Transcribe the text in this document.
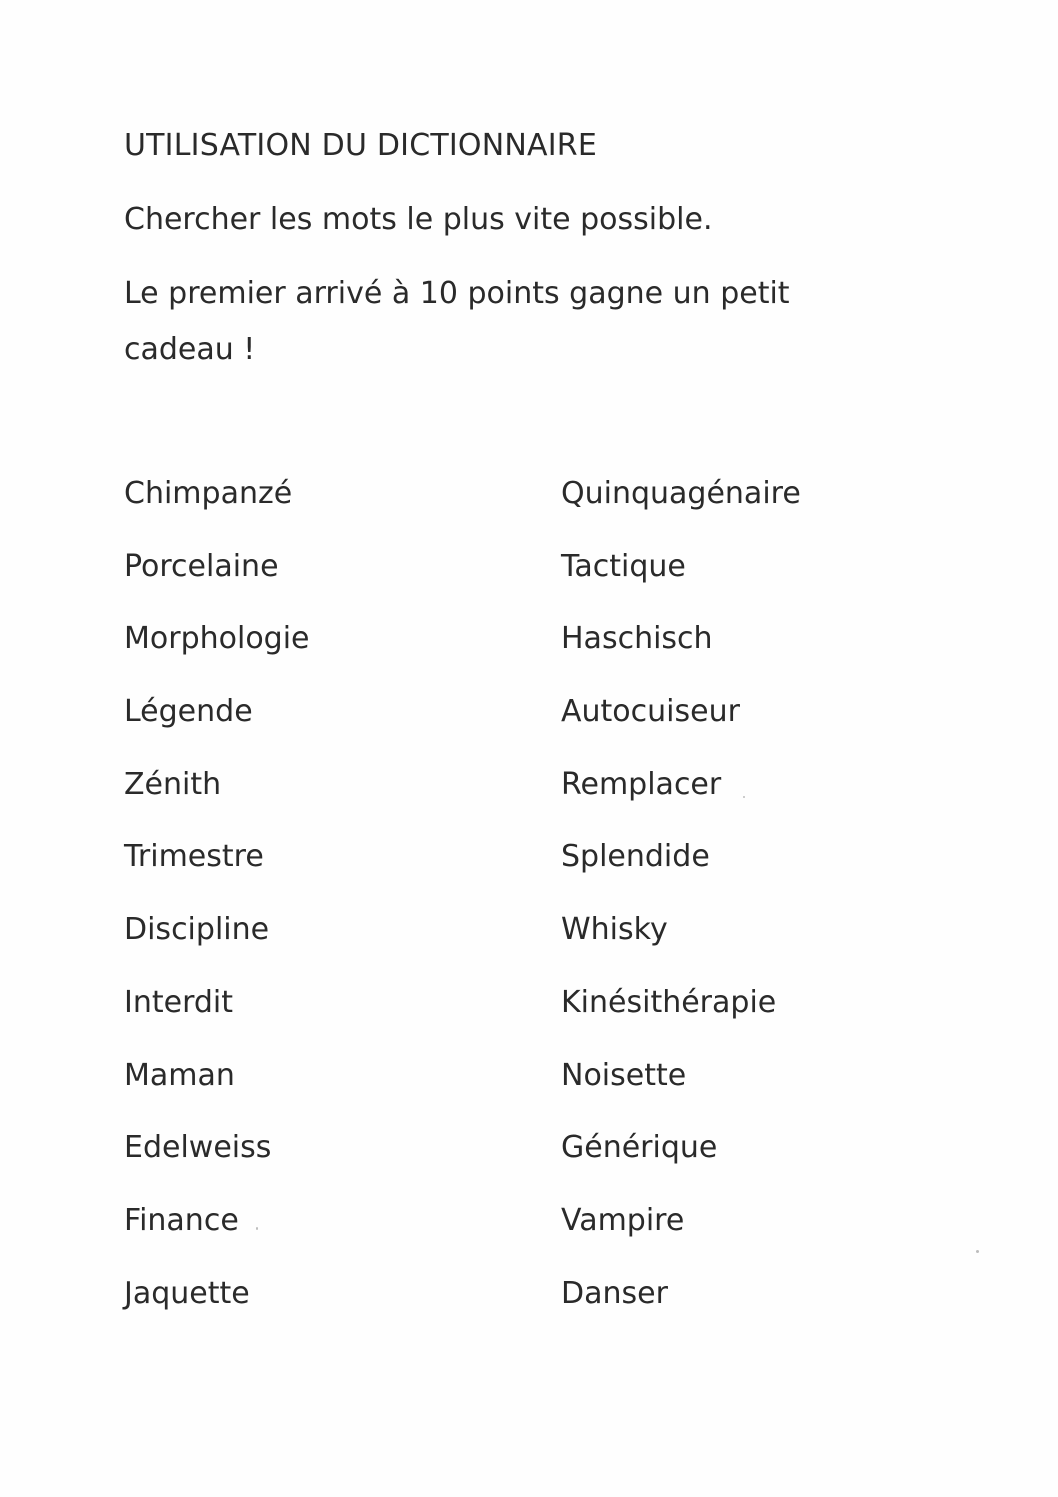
UTILISATION DU DICTIONNAIRE
Chercher les mots le plus vite possible.
Le premier arrivé à 10 points gagne un petit cadeau !
Chimpanzé
Porcelaine
Morphologie
Légende
Zénith
Trimestre
Discipline
Interdit
Maman
Edelweiss
Finance
Jaquette
Quinquagénaire
Tactique
Haschisch
Autocuiseur
Remplacer
Splendide
Whisky
Kinésithérapie
Noisette
Générique
Vampire
Danser
